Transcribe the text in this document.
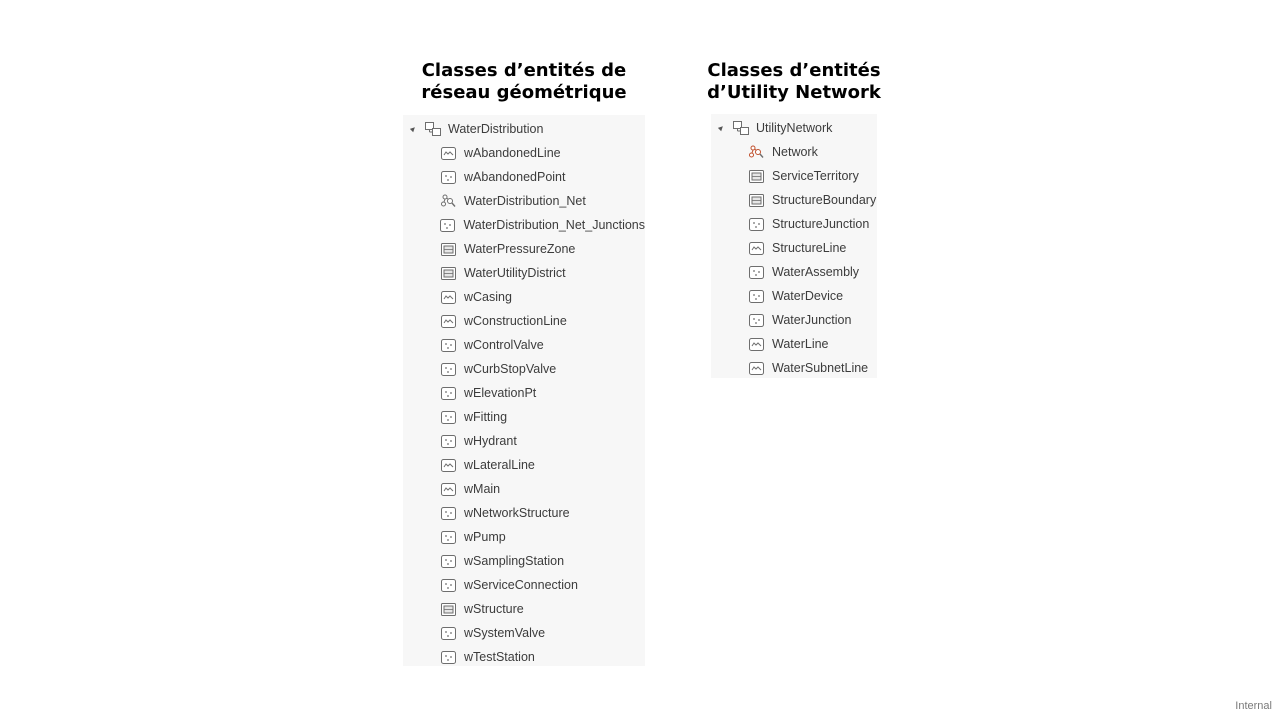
Classes d’entités de
réseau géométrique
Classes d’entités
d’Utility Network
▲ WaterDistribution
wAbandonedLine
wAbandonedPoint
WaterDistribution_Net
WaterDistribution_Net_Junctions
WaterPressureZone
WaterUtilityDistrict
wCasing
wConstructionLine
wControlValve
wCurbStopValve
wElevationPt
wFitting
wHydrant
wLateralLine
wMain
wNetworkStructure
wPump
wSamplingStation
wServiceConnection
wStructure
wSystemValve
wTestStation
▲ UtilityNetwork
Network
ServiceTerritory
StructureBoundary
StructureJunction
StructureLine
WaterAssembly
WaterDevice
WaterJunction
WaterLine
WaterSubnetLine
Internal
